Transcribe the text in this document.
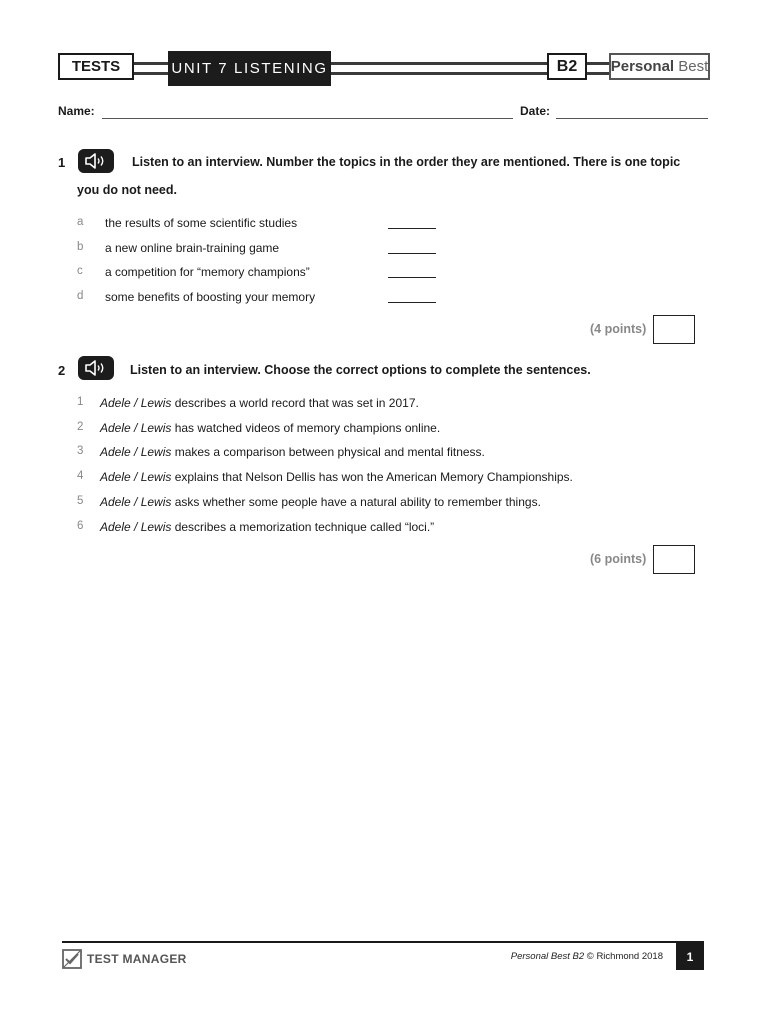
TESTS	UNIT 7 LISTENING	B2 Personal
Best
Name:	Date:
1	Listen to an interview. Number the topics in the order they are mentioned. There is one topic
you do not need.
a the results of some scientific studies
b a new online brain-training game
c a competition for “memory champions”
d some benefits of boosting your memory
(4 points)
2	Listen to an interview. Choose the correct options to complete the sentences.
1 Adele / Lewis describes a world record that was set in 2017.
2 Adele / Lewis has watched videos of memory champions online.
3 Adele / Lewis makes a comparison between physical and mental fitness.
4 Adele / Lewis explains that Nelson Dellis has won the American Memory Championships.
5 Adele / Lewis asks whether some people have a natural ability to remember things.
6 Adele / Lewis describes a memorization technique called “loci.”
(6 points)
TEST MANAGER	Personal Best B2 © Richmond 2018 1
